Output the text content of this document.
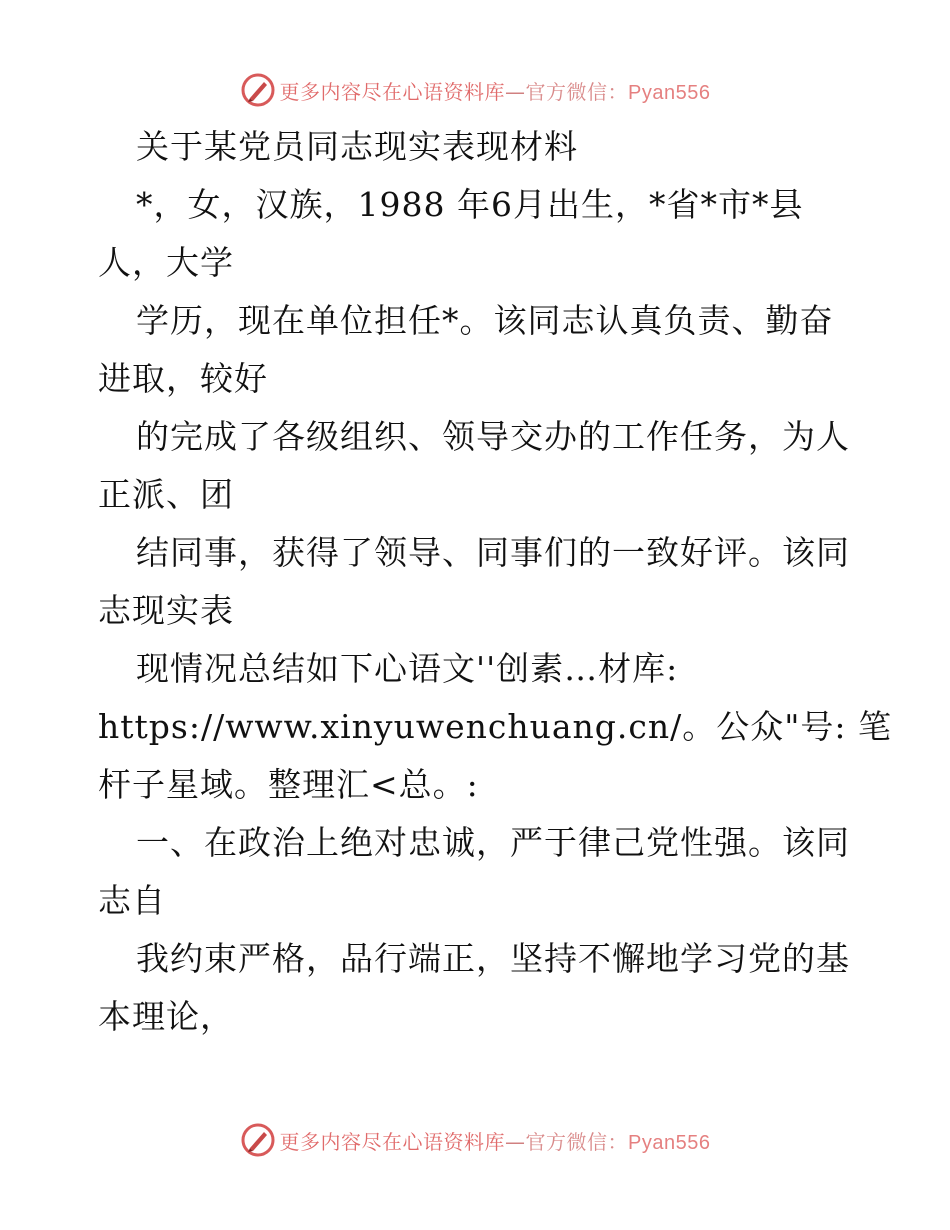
更多内容尽在心语资料库—官方微信：Pyan556
关于某党员同志现实表现材料
*，女，汉族，1988 年6月出生，*省*市*县
人，大学
学历，现在单位担任*。该同志认真负责、勤奋
进取，较好
的完成了各级组织、领导交办的工作任务，为人
正派、团
结同事，获得了领导、同事们的一致好评。该同
志现实表
现情况总结如下心语文''创素…材库:
https://www.xinyuwenchuang.cn/。公众"号: 笔
杆子星域。整理汇<总。:
一、在政治上绝对忠诚，严于律己党性强。该同
志自
我约束严格，品行端正，坚持不懈地学习党的基
本理论，
更多内容尽在心语资料库—官方微信：Pyan556
